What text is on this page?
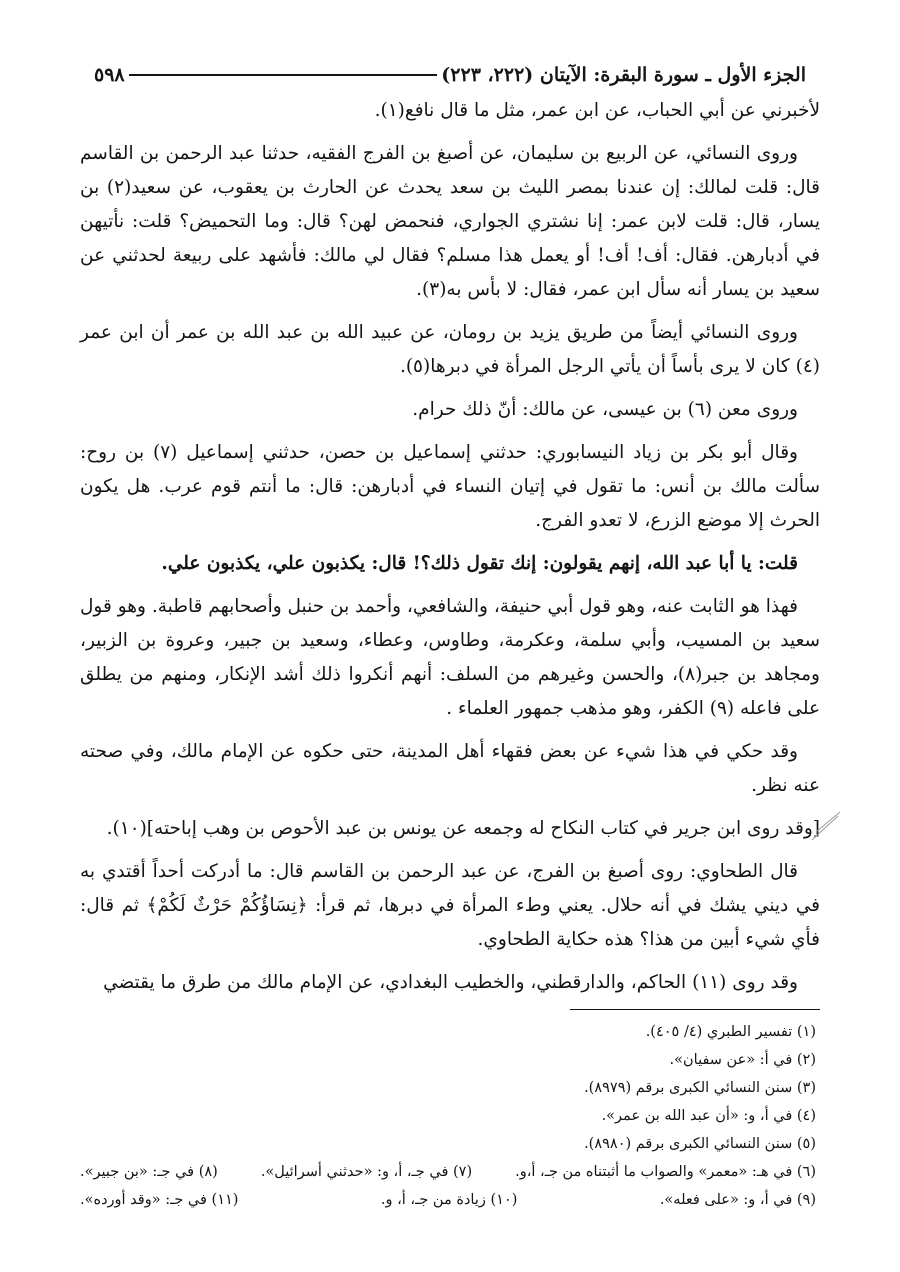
الجزء الأول ـ سورة البقرة: الآيتان (٢٢٢، ٢٢٣)
٥٩٨

لأخبرني عن أبي الحباب، عن ابن عمر، مثل ما قال نافع(١).

وروى النسائي، عن الربيع بن سليمان، عن أصبغ بن الفرج الفقيه، حدثنا عبد الرحمن بن القاسم قال: قلت لمالك: إن عندنا بمصر الليث بن سعد يحدث عن الحارث بن يعقوب، عن سعيد(٢) بن يسار، قال: قلت لابن عمر: إنا نشتري الجواري، فنحمض لهن؟ قال: وما التحميض؟ قلت: نأتيهن في أدبارهن. فقال: أف! أف! أو يعمل هذا مسلم؟ فقال لي مالك: فأشهد على ربيعة لحدثني عن سعيد بن يسار أنه سأل ابن عمر، فقال: لا بأس به(٣).

وروى النسائي أيضاً من طريق يزيد بن رومان، عن عبيد الله بن عبد الله بن عمر أن ابن عمر (٤) كان لا يرى بأساً أن يأتي الرجل المرأة في دبرها(٥).

وروى معن (٦) بن عيسى، عن مالك: أنّ ذلك حرام.

وقال أبو بكر بن زياد النيسابوري: حدثني إسماعيل بن حصن، حدثني إسماعيل (٧) بن روح: سألت مالك بن أنس: ما تقول في إتيان النساء في أدبارهن: قال: ما أنتم قوم عرب. هل يكون الحرث إلا موضع الزرع، لا تعدو الفرج.

قلت: يا أبا عبد الله، إنهم يقولون: إنك تقول ذلك؟! قال: يكذبون علي، يكذبون علي.

فهذا هو الثابت عنه، وهو قول أبي حنيفة، والشافعي، وأحمد بن حنبل وأصحابهم قاطبة. وهو قول سعيد بن المسيب، وأبي سلمة، وعكرمة، وطاوس، وعطاء، وسعيد بن جبير، وعروة بن الزبير، ومجاهد بن جبر(٨)، والحسن وغيرهم من السلف: أنهم أنكروا ذلك أشد الإنكار، ومنهم من يطلق على فاعله (٩) الكفر، وهو مذهب جمهور العلماء .

وقد حكي في هذا شيء عن بعض فقهاء أهل المدينة، حتى حكوه عن الإمام مالك، وفي صحته عنه نظر.

[وقد روى ابن جرير في كتاب النكاح له وجمعه عن يونس بن عبد الأحوص بن وهب إباحته](١٠).

قال الطحاوي: روى أصبغ بن الفرج، عن عبد الرحمن بن القاسم قال: ما أدركت أحداً أقتدي به في ديني يشك في أنه حلال. يعني وطء المرأة في دبرها، ثم قرأ: ﴿نِسَاؤُكُمْ حَرْثٌ لَكُمْ﴾ ثم قال: فأي شيء أبين من هذا؟ هذه حكاية الطحاوي.

وقد روى (١١) الحاكم، والدارقطني، والخطيب البغدادي، عن الإمام مالك من طرق ما يقتضي

(١) تفسير الطبري (٤/ ٤٠٥).
(٢) في أ: «عن سفيان».
(٣) سنن النسائي الكبرى برقم (٨٩٧٩).
(٤) في أ، و: «أن عبد الله بن عمر».
(٥) سنن النسائي الكبرى برقم (٨٩٨٠).
(٦) في هـ: «معمر» والصواب ما أثبتناه من جـ، أ،و.
(٧) في جـ، أ، و: «حدثني أسرائيل».
(٨) في جـ: «بن جبير».
(٩) في أ، و: «على فعله».
(١٠) زيادة من جـ، أ، و.
(١١) في جـ: «وقد أورده».
